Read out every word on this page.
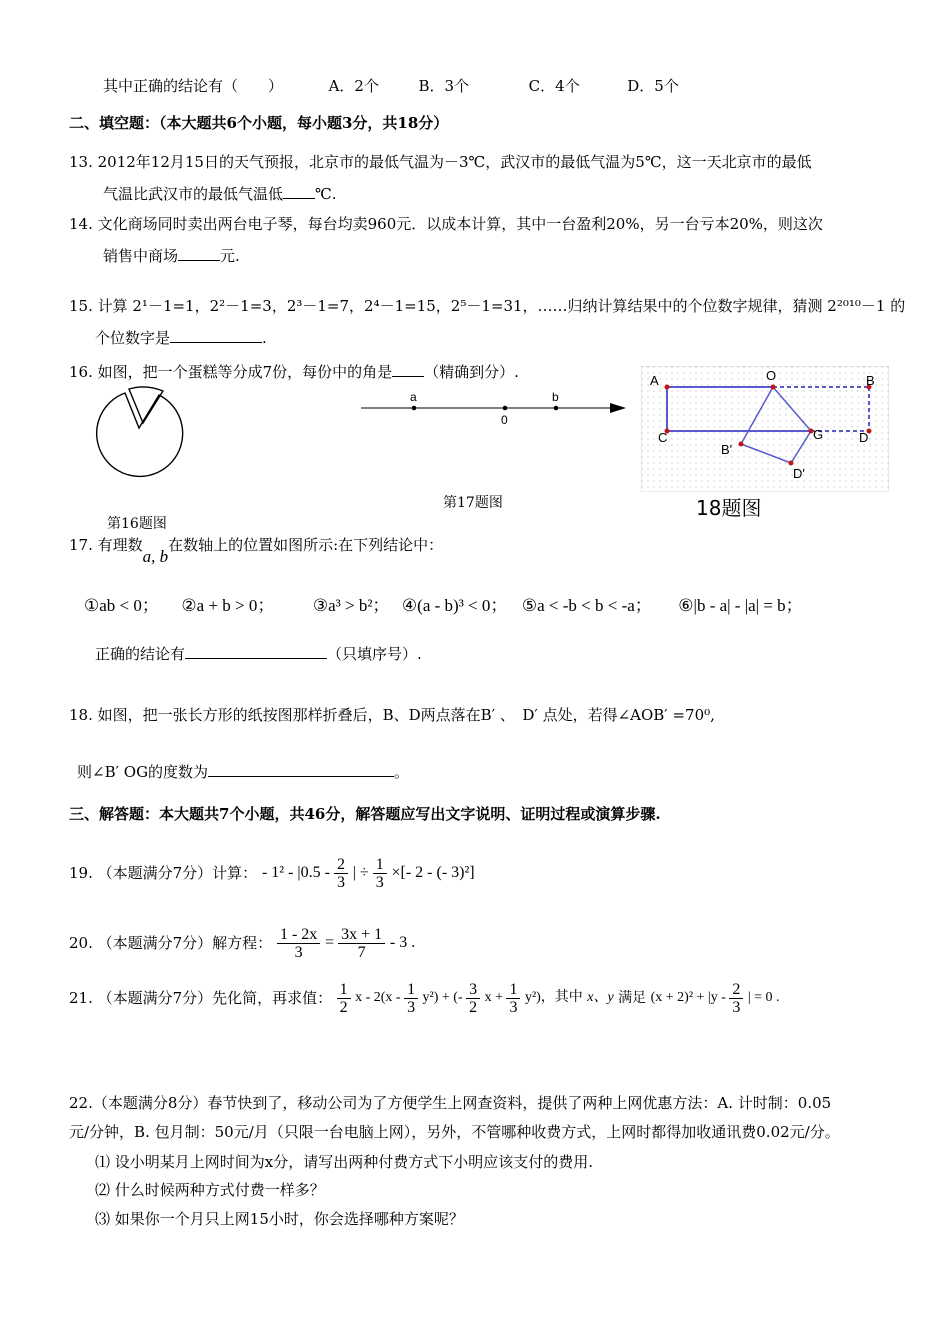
其中正确的结论有（　　）	A．2个	B．3个	C．4个	D．5个
二、填空题：（本大题共6个小题，每小题3分，共18分）
13. 2012年12月15日的天气预报，北京市的最低气温为－3℃，武汉市的最低气温为5℃，这一天北京市的最低
气温比武汉市的最低气温低 ℃.
14. 文化商场同时卖出两台电子琴，每台均卖960元．以成本计算，其中一台盈利20%，另一台亏本20%，则这次
销售中商场	元.
15. 计算 2¹－1=1，2²－1=3，2³－1=7，2⁴－1=15，2⁵－1=31，……归纳计算结果中的个位数字规律，猜测 2²⁰¹⁰－1 的
个位数字是	.
16. 如图，把一个蛋糕等分成7份，每份中的角是 （精确到分）.
第16题图
a
0
b
第17题图
A	O	B
C	G	D
B'
D'
18题图
17. 有理数a, b在数轴上的位置如图所示:在下列结论中：
①ab < 0； ②a + b > 0； ③a³ > b²； ④(a - b)³ < 0； ⑤a < -b < b < -a； ⑥|b - a| - |a| = b；
正确的结论有	（只填序号）.
18. 如图，把一张长方形的纸按图那样折叠后，B、D两点落在B′ 、　D′ 点处，若得∠AOB′ =70⁰,
则∠B′ OG的度数为	。
三、解答题：本大题共7个小题，共46分，解答题应写出文字说明、证明过程或演算步骤.
19. （本题满分7分）计算： - $1^2 - |0.5 - \frac{2}{3}$ | ÷ $\frac{1}{3}$ ×[- 2 - (- 3)²]
20. （本题满分7分）解方程： $\frac{1 - 2x}{3} = \frac{3x + 1}{7} - 3$ .
21. （本题满分7分）先化简，再求值： $\frac{1}{2}$ x - $2(x - \frac{1}{3} y^2)$ + (- $\frac{3}{2}$ $x + \frac{1}{3} y^2$)，其中 x、y 满足 $(x + 2)^2 + |y - \frac{2}{3}$ | = 0 .
22.（本题满分8分）春节快到了，移动公司为了方便学生上网查资料，提供了两种上网优惠方法：A. 计时制：0.05
元/分钟，B. 包月制：50元/月（只限一台电脑上网），另外，不管哪种收费方式，上网时都得加收通讯费0.02元/分。
⑴ 设小明某月上网时间为x分，请写出两种付费方式下小明应该支付的费用.
⑵ 什么时候两种方式付费一样多？
⑶ 如果你一个月只上网15小时，你会选择哪种方案呢？
